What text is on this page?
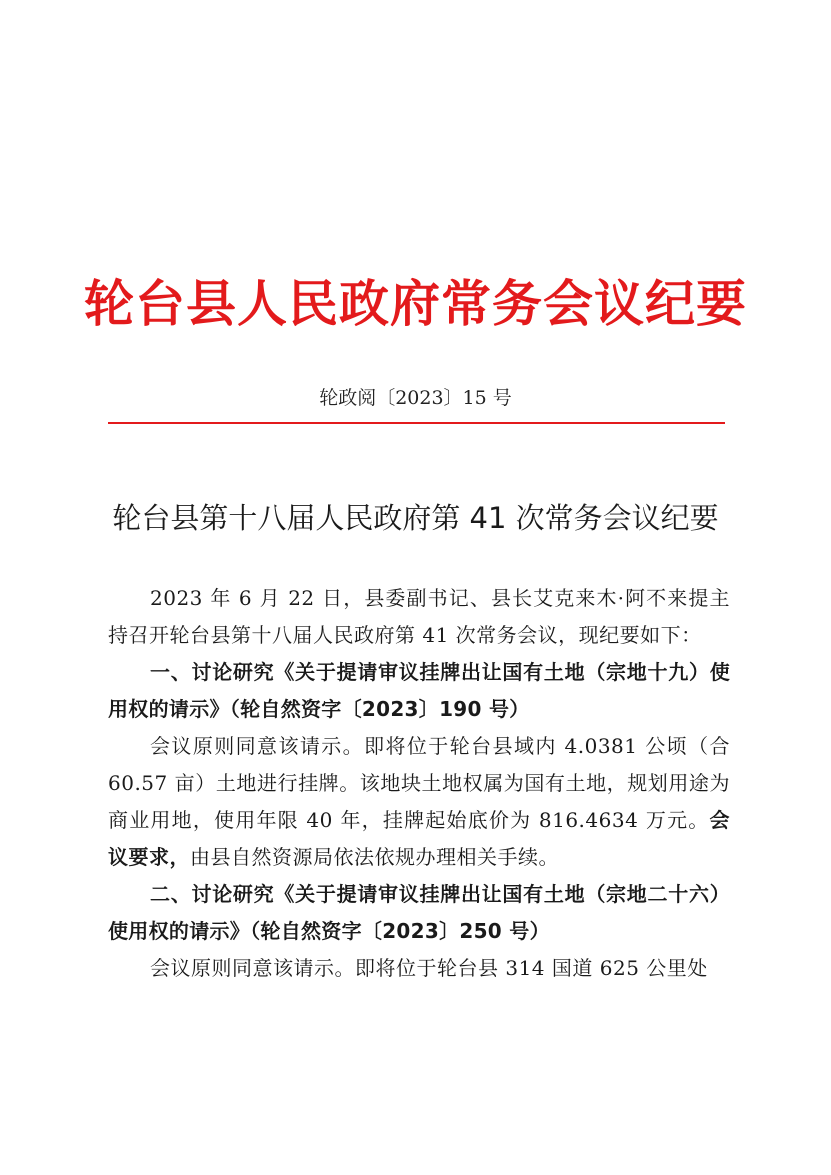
轮台县人民政府常务会议纪要
轮政阅〔2023〕15 号
轮台县第十八届人民政府第 41 次常务会议纪要

2023 年 6 月 22 日，县委副书记、县长艾克来木·阿不来提主持召开轮台县第十八届人民政府第 41 次常务会议，现纪要如下：

一、讨论研究《关于提请审议挂牌出让国有土地（宗地十九）使用权的请示》（轮自然资字〔2023〕190 号）

会议原则同意该请示。即将位于轮台县域内 4.0381 公顷（合 60.57 亩）土地进行挂牌。该地块土地权属为国有土地，规划用途为商业用地，使用年限 40 年，挂牌起始底价为 816.4634 万元。会议要求，由县自然资源局依法依规办理相关手续。

二、讨论研究《关于提请审议挂牌出让国有土地（宗地二十六）使用权的请示》（轮自然资字〔2023〕250 号）

会议原则同意该请示。即将位于轮台县 314 国道 625 公里处
